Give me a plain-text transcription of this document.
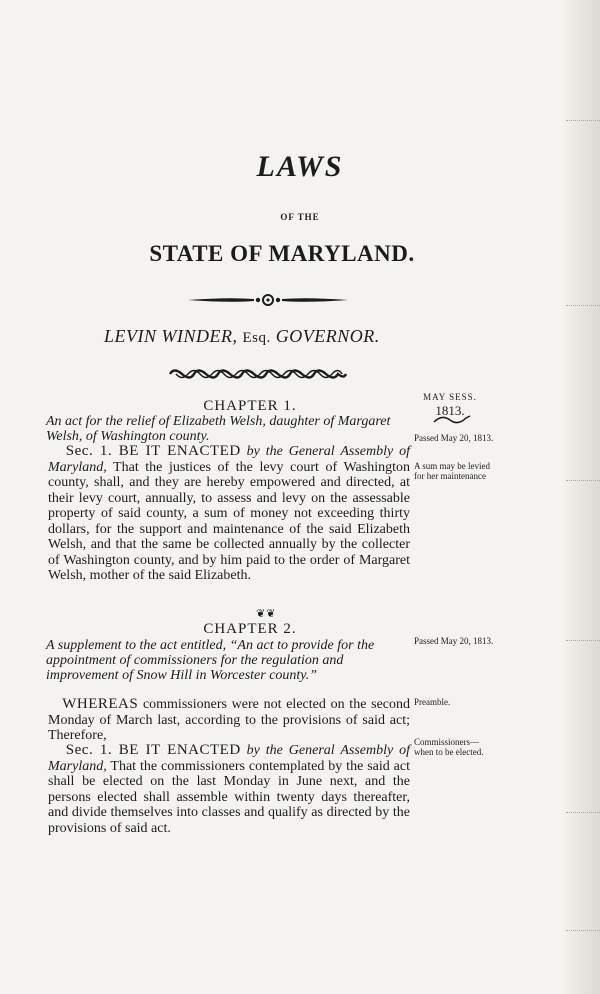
LAWS
OF THE
STATE OF MARYLAND.
LEVIN WINDER, Esq. GOVERNOR.
MAY SESS.
1813.
CHAPTER 1.
An act for the relief of Elizabeth Welsh, daughter of Margaret Welsh, of Washington county.	Passed May 20, 1813.
A sum may be levied for her maintenance
Sec. 1. BE IT ENACTED by the General Assembly of Maryland, That the justices of the levy court of Washington county, shall, and they are hereby empowered and directed, at their levy court, annually, to assess and levy on the assessable property of said county, a sum of money not exceeding thirty dollars, for the support and maintenance of the said Elizabeth Welsh, and that the same be collected annually by the collecter of Washington county, and by him paid to the order of Margaret Welsh, mother of the said Elizabeth.
❦ ❦
CHAPTER 2.
A supplement to the act entitled, “An act to provide for the appointment of commissioners for the regulation and improvement of Snow Hill in Worcester county.”
Passed May 20, 1813.
Preamble.
Commissioners—when to be elected.
WHEREAS commissioners were not elected on the second Monday of March last, according to the provisions of said act; Therefore,
Sec. 1. BE IT ENACTED by the General Assembly of Maryland, That the commissioners contemplated by the said act shall be elected on the last Monday in June next, and the persons elected shall assemble within twenty days thereafter, and divide themselves into classes and qualify as directed by the provisions of said act.
